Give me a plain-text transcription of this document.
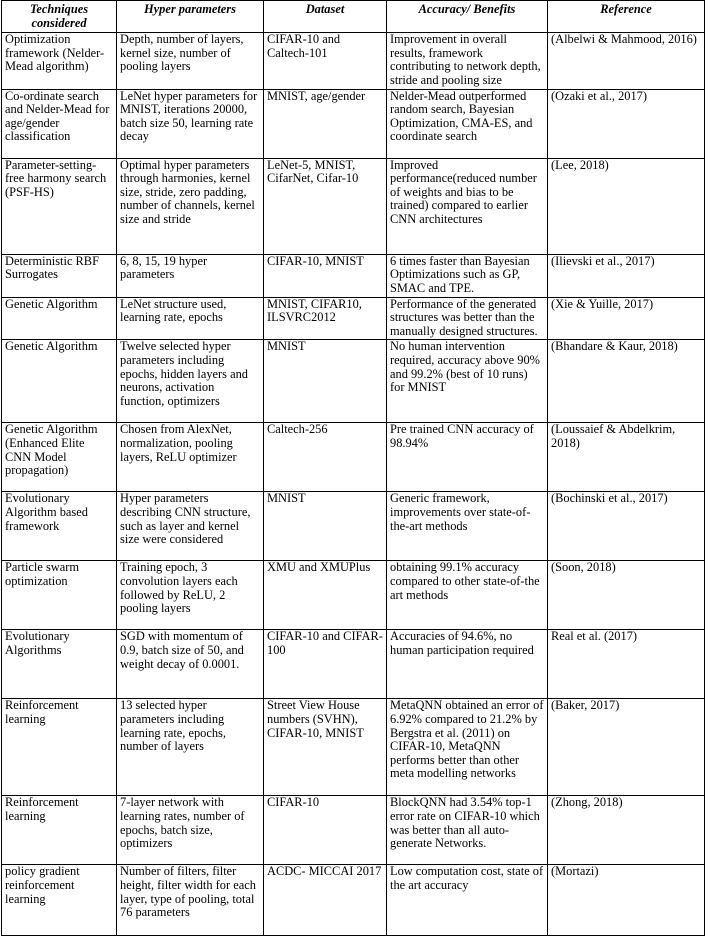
Techniques considered	Hyper parameters	Dataset	Accuracy/ Benefits	Reference
Optimization framework (Nelder-Mead algorithm)	Depth, number of layers, kernel size, number of pooling layers	CIFAR-10 and Caltech-101	Improvement in overall results, framework contributing to network depth, stride and pooling size	(Albelwi & Mahmood, 2016)
Co-ordinate search and Nelder-Mead for age/gender classification	LeNet hyper parameters for MNIST, iterations 20000, batch size 50, learning rate decay	MNIST, age/gender	Nelder-Mead outperformed random search, Bayesian Optimization, CMA-ES, and coordinate search	(Ozaki et al., 2017)
Parameter-setting-free harmony search (PSF-HS)	Optimal hyper parameters through harmonies, kernel size, stride, zero padding, number of channels, kernel size and stride	LeNet-5, MNIST, CifarNet, Cifar-10	Improved performance(reduced number of weights and bias to be trained) compared to earlier CNN architectures	(Lee, 2018)
Deterministic RBF Surrogates	6, 8, 15, 19 hyper parameters	CIFAR-10, MNIST	6 times faster than Bayesian Optimizations such as GP, SMAC and TPE.	(Ilievski et al., 2017)
Genetic Algorithm	LeNet structure used, learning rate, epochs	MNIST, CIFAR10, ILSVRC2012	Performance of the generated structures was better than the manually designed structures.	(Xie & Yuille, 2017)
Genetic Algorithm	Twelve selected hyper parameters including epochs, hidden layers and neurons, activation function, optimizers	MNIST	No human intervention required, accuracy above 90% and 99.2% (best of 10 runs) for MNIST	(Bhandare & Kaur, 2018)
Genetic Algorithm (Enhanced Elite CNN Model propagation)	Chosen from AlexNet, normalization, pooling layers, ReLU optimizer	Caltech-256	Pre trained CNN accuracy of 98.94%	(Loussaief & Abdelkrim, 2018)
Evolutionary Algorithm based framework	Hyper parameters describing CNN structure, such as layer and kernel size were considered	MNIST	Generic framework, improvements over state-of-the-art methods	(Bochinski et al., 2017)
Particle swarm optimization	Training epoch, 3 convolution layers each followed by ReLU, 2 pooling layers	XMU and XMUPlus	obtaining 99.1% accuracy compared to other state-of-the art methods	(Soon, 2018)
Evolutionary Algorithms	SGD with momentum of 0.9, batch size of 50, and weight decay of 0.0001.	CIFAR-10 and CIFAR-100	Accuracies of 94.6%, no human participation required	Real et al. (2017)
Reinforcement learning	13 selected hyper parameters including learning rate, epochs, number of layers	Street View House numbers (SVHN), CIFAR-10, MNIST	MetaQNN obtained an error of 6.92% compared to 21.2% by Bergstra et al. (2011) on CIFAR-10, MetaQNN performs better than other meta modelling networks	(Baker, 2017)
Reinforcement learning	7-layer network with learning rates, number of epochs, batch size, optimizers	CIFAR-10	BlockQNN had 3.54% top-1 error rate on CIFAR-10 which was better than all auto-generate Networks.	(Zhong, 2018)
policy gradient reinforcement learning	Number of filters, filter height, filter width for each layer, type of pooling, total 76 parameters	ACDC- MICCAI 2017	Low computation cost, state of the art accuracy	(Mortazi)
